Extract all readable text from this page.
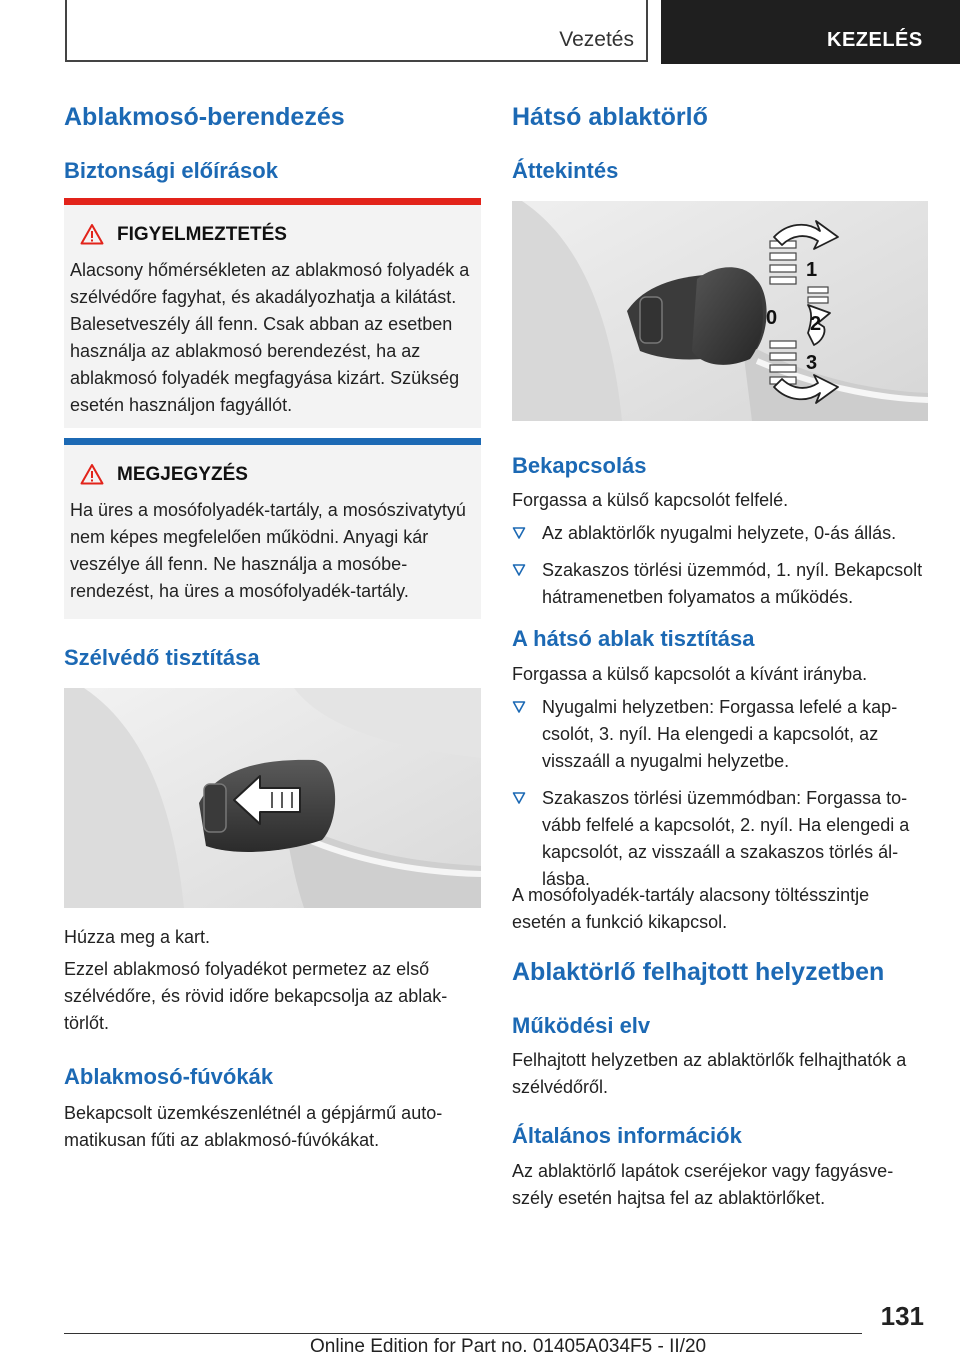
Vezetés	KEZELÉS
Ablakmosó-berendezés
Biztonsági előírások
FIGYELMEZTETÉS
Alacsony hőmérsékleten az ablakmosó folyadék a szélvédőre fagyhat, és akadályozhatja a kilátást. Balesetveszély áll fenn. Csak abban az esetben használja az ablakmosó berendezést, ha az ablakmosó folyadék megfagyása kizárt. Szükség esetén használjon fagyállót.
MEGJEGYZÉS
Ha üres a mosófolyadék-tartály, a mosószivatytyú nem képes megfelelően működni. Anyagi kár veszélye áll fenn. Ne használja a mosóberendezést, ha üres a mosófolyadék-tartály.
Szélvédő tisztítása

Húzza meg a kart.

Ezzel ablakmosó folyadékot permetez az első szélvédőre, és rövid időre bekapcsolja az ablaktörlőt.

Ablakmosó-fúvókák

Bekapcsolt üzemkészenlétnél a gépjármű automatikusan fűti az ablakmosó-fúvókákat.

Hátsó ablaktörlő
Áttekintés
1
0 2
3
Bekapcsolás

Forgassa a külső kapcsolót felfelé.

Az ablaktörlők nyugalmi helyzete, 0-ás állás.
Szakaszos törlési üzemmód, 1. nyíl. Bekapcsolt hátramenetben folyamatos a működés.
A hátsó ablak tisztítása

Forgassa a külső kapcsolót a kívánt irányba.

Nyugalmi helyzetben: Forgassa lefelé a kapcsolót, 3. nyíl. Ha elengedi a kapcsolót, az visszaáll a nyugalmi helyzetbe.
Szakaszos törlési üzemmódban: Forgassa tovább felfelé a kapcsolót, 2. nyíl. Ha elengedi a kapcsolót, az visszaáll a szakaszos törlés állásba.

A mosófolyadék-tartály alacsony töltésszintje esetén a funkció kikapcsol.

Ablaktörlő felhajtott helyzetben
Működési elv

Felhajtott helyzetben az ablaktörlők felhajthatók a szélvédőről.

Általános információk

Az ablaktörlő lapátok cseréjekor vagy fagyásveszély esetén hajtsa fel az ablaktörlőket.

131
Online Edition for Part no. 01405A034F5 - II/20
